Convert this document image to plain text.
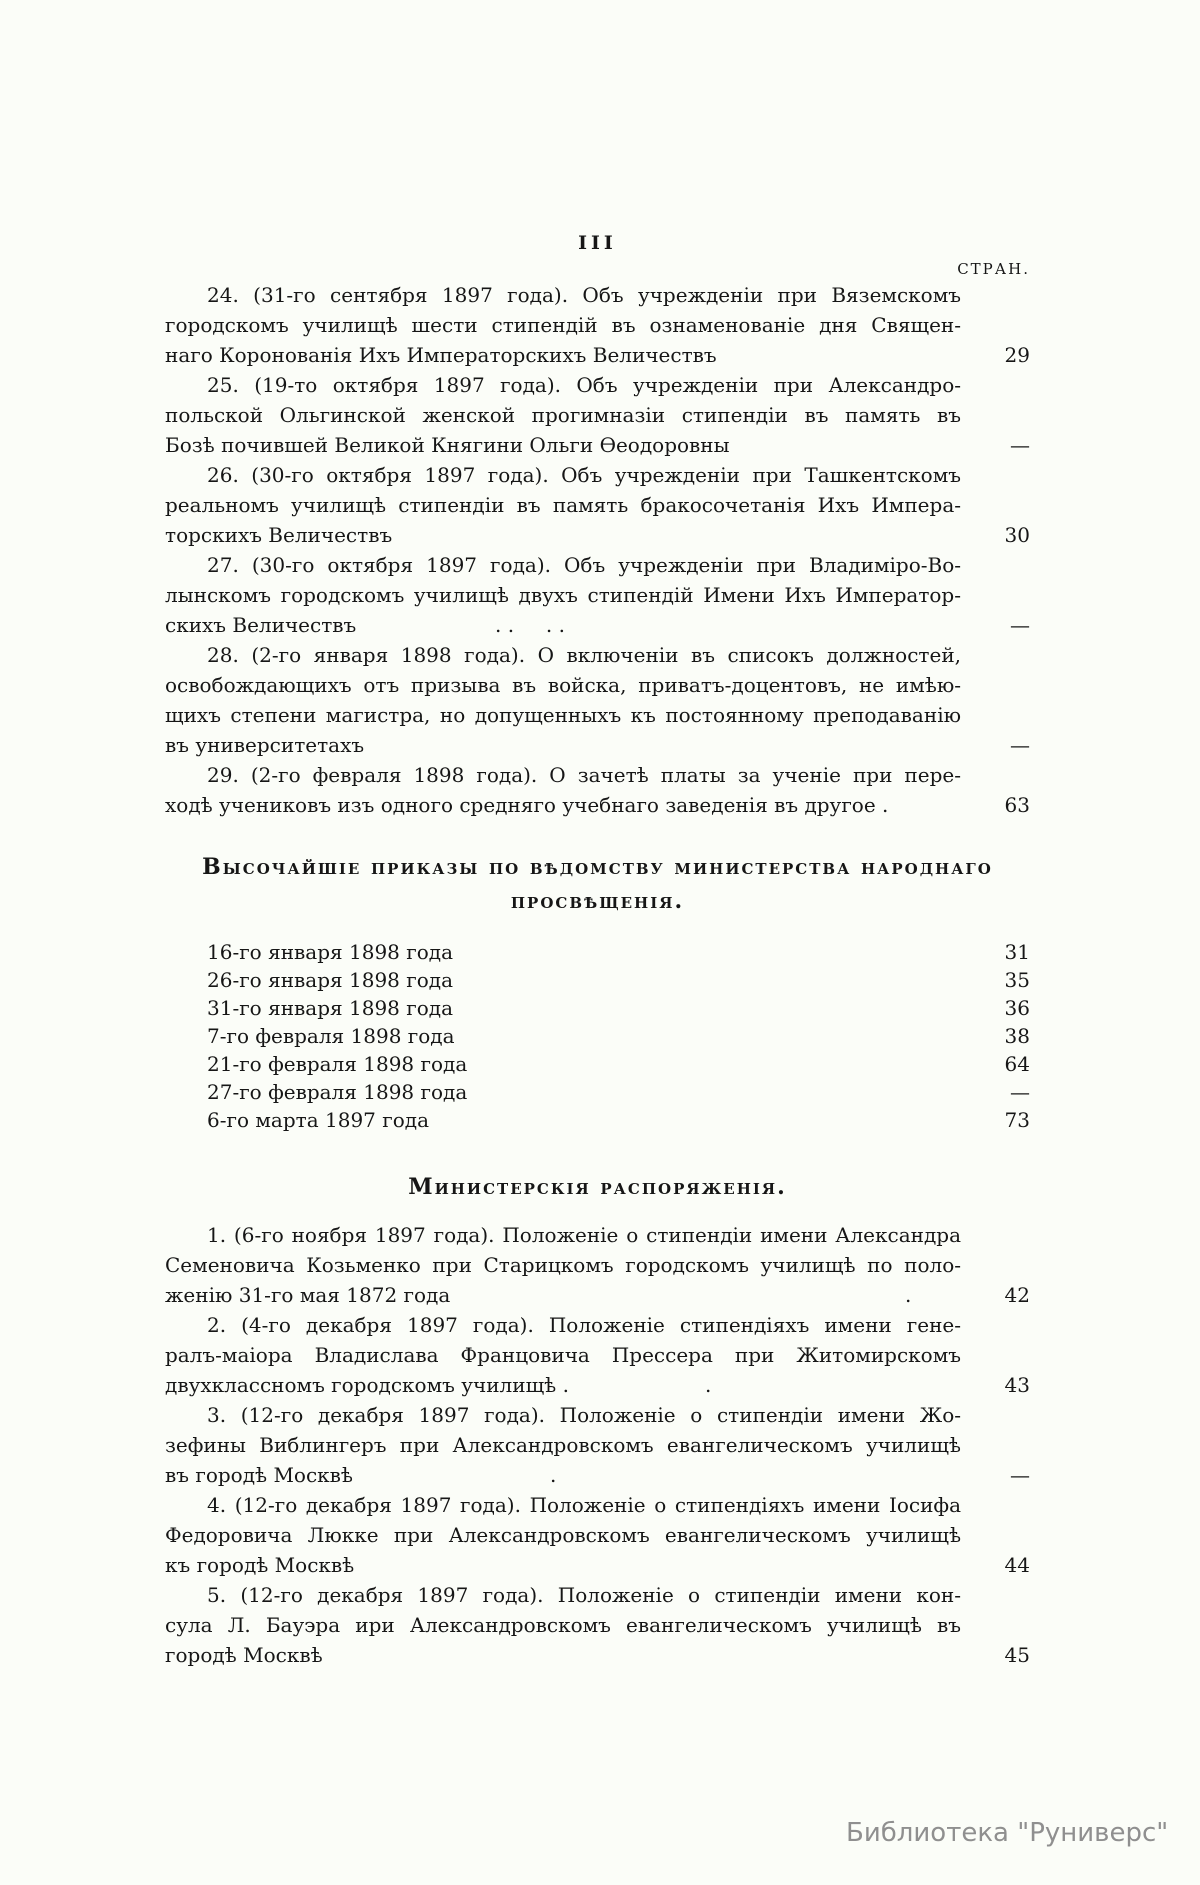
III
СТРАН.
24. (31-го сентября 1897 года). Объ учрежденіи при Вяземскомъ
городскомъ училищѣ шести стипендій въ ознаменованіе дня Священ-
наго Коронованія Ихъ Императорскихъ Величествъ	29
25. (19-то октября 1897 года). Объ учрежденіи при Александро-
польской Ольгинской женской прогимназіи стипендіи въ память въ
Бозѣ почившей Великой Княгини Ольги Ѳеодоровны	—
26. (30-го октября 1897 года). Объ учрежденіи при Ташкентскомъ
реальномъ училищѣ стипендіи въ память бракосочетанія Ихъ Импера-
торскихъ Величествъ	30
27. (30-го октября 1897 года). Объ учрежденіи при Владиміро-Во-
лынскомъ городскомъ училищѣ двухъ стипендій Имени Ихъ Император-
скихъ Величествъ	. .     . .	—
28. (2-го января 1898 года). О включеніи въ списокъ должностей,
освобождающихъ отъ призыва въ войска, приватъ-доцентовъ, не имѣю-
щихъ степени магистра, но допущенныхъ къ постоянному преподаванію
въ университетахъ	—
29. (2-го февраля 1898 года). О зачетѣ платы за ученіе при пере-
ходѣ учениковъ изъ одного средняго учебнаго заведенія въ другое .	63
Высочайшіе приказы по вѣдомству министерства народнаго
просвѣщенія.
16-го января 1898 года	31
26-го января 1898 года	35
31-го января 1898 года	36
7-го февраля 1898 года	38
21-го февраля 1898 года	64
27-го февраля 1898 года	—
6-го марта 1897 года	73
Министерскія распоряженія.
1. (6-го ноября 1897 года). Положеніе о стипендіи имени Александра
Семеновича Козьменко при Старицкомъ городскомъ училищѣ по поло-
женію 31-го мая 1872 года	.	42
2. (4-го декабря 1897 года). Положеніе стипендіяхъ имени гене-
ралъ-маіора Владислава Францовича Прессера при Житомирскомъ
двухклассномъ городскомъ училищѣ .	.	43
3. (12-го декабря 1897 года). Положеніе о стипендіи имени Жо-
зефины Виблингеръ при Александровскомъ евангелическомъ училищѣ
въ городѣ Москвѣ	.	—
4. (12-го декабря 1897 года). Положеніе о стипендіяхъ имени Іосифа
Федоровича Люкке при Александровскомъ евангелическомъ училищѣ
къ городѣ Москвѣ	44
5. (12-го декабря 1897 года). Положеніе о стипендіи имени кон-
сула Л. Бауэра ири Александровскомъ евангелическомъ училищѣ въ
городѣ Москвѣ	45
Библиотека "Руниверс"
